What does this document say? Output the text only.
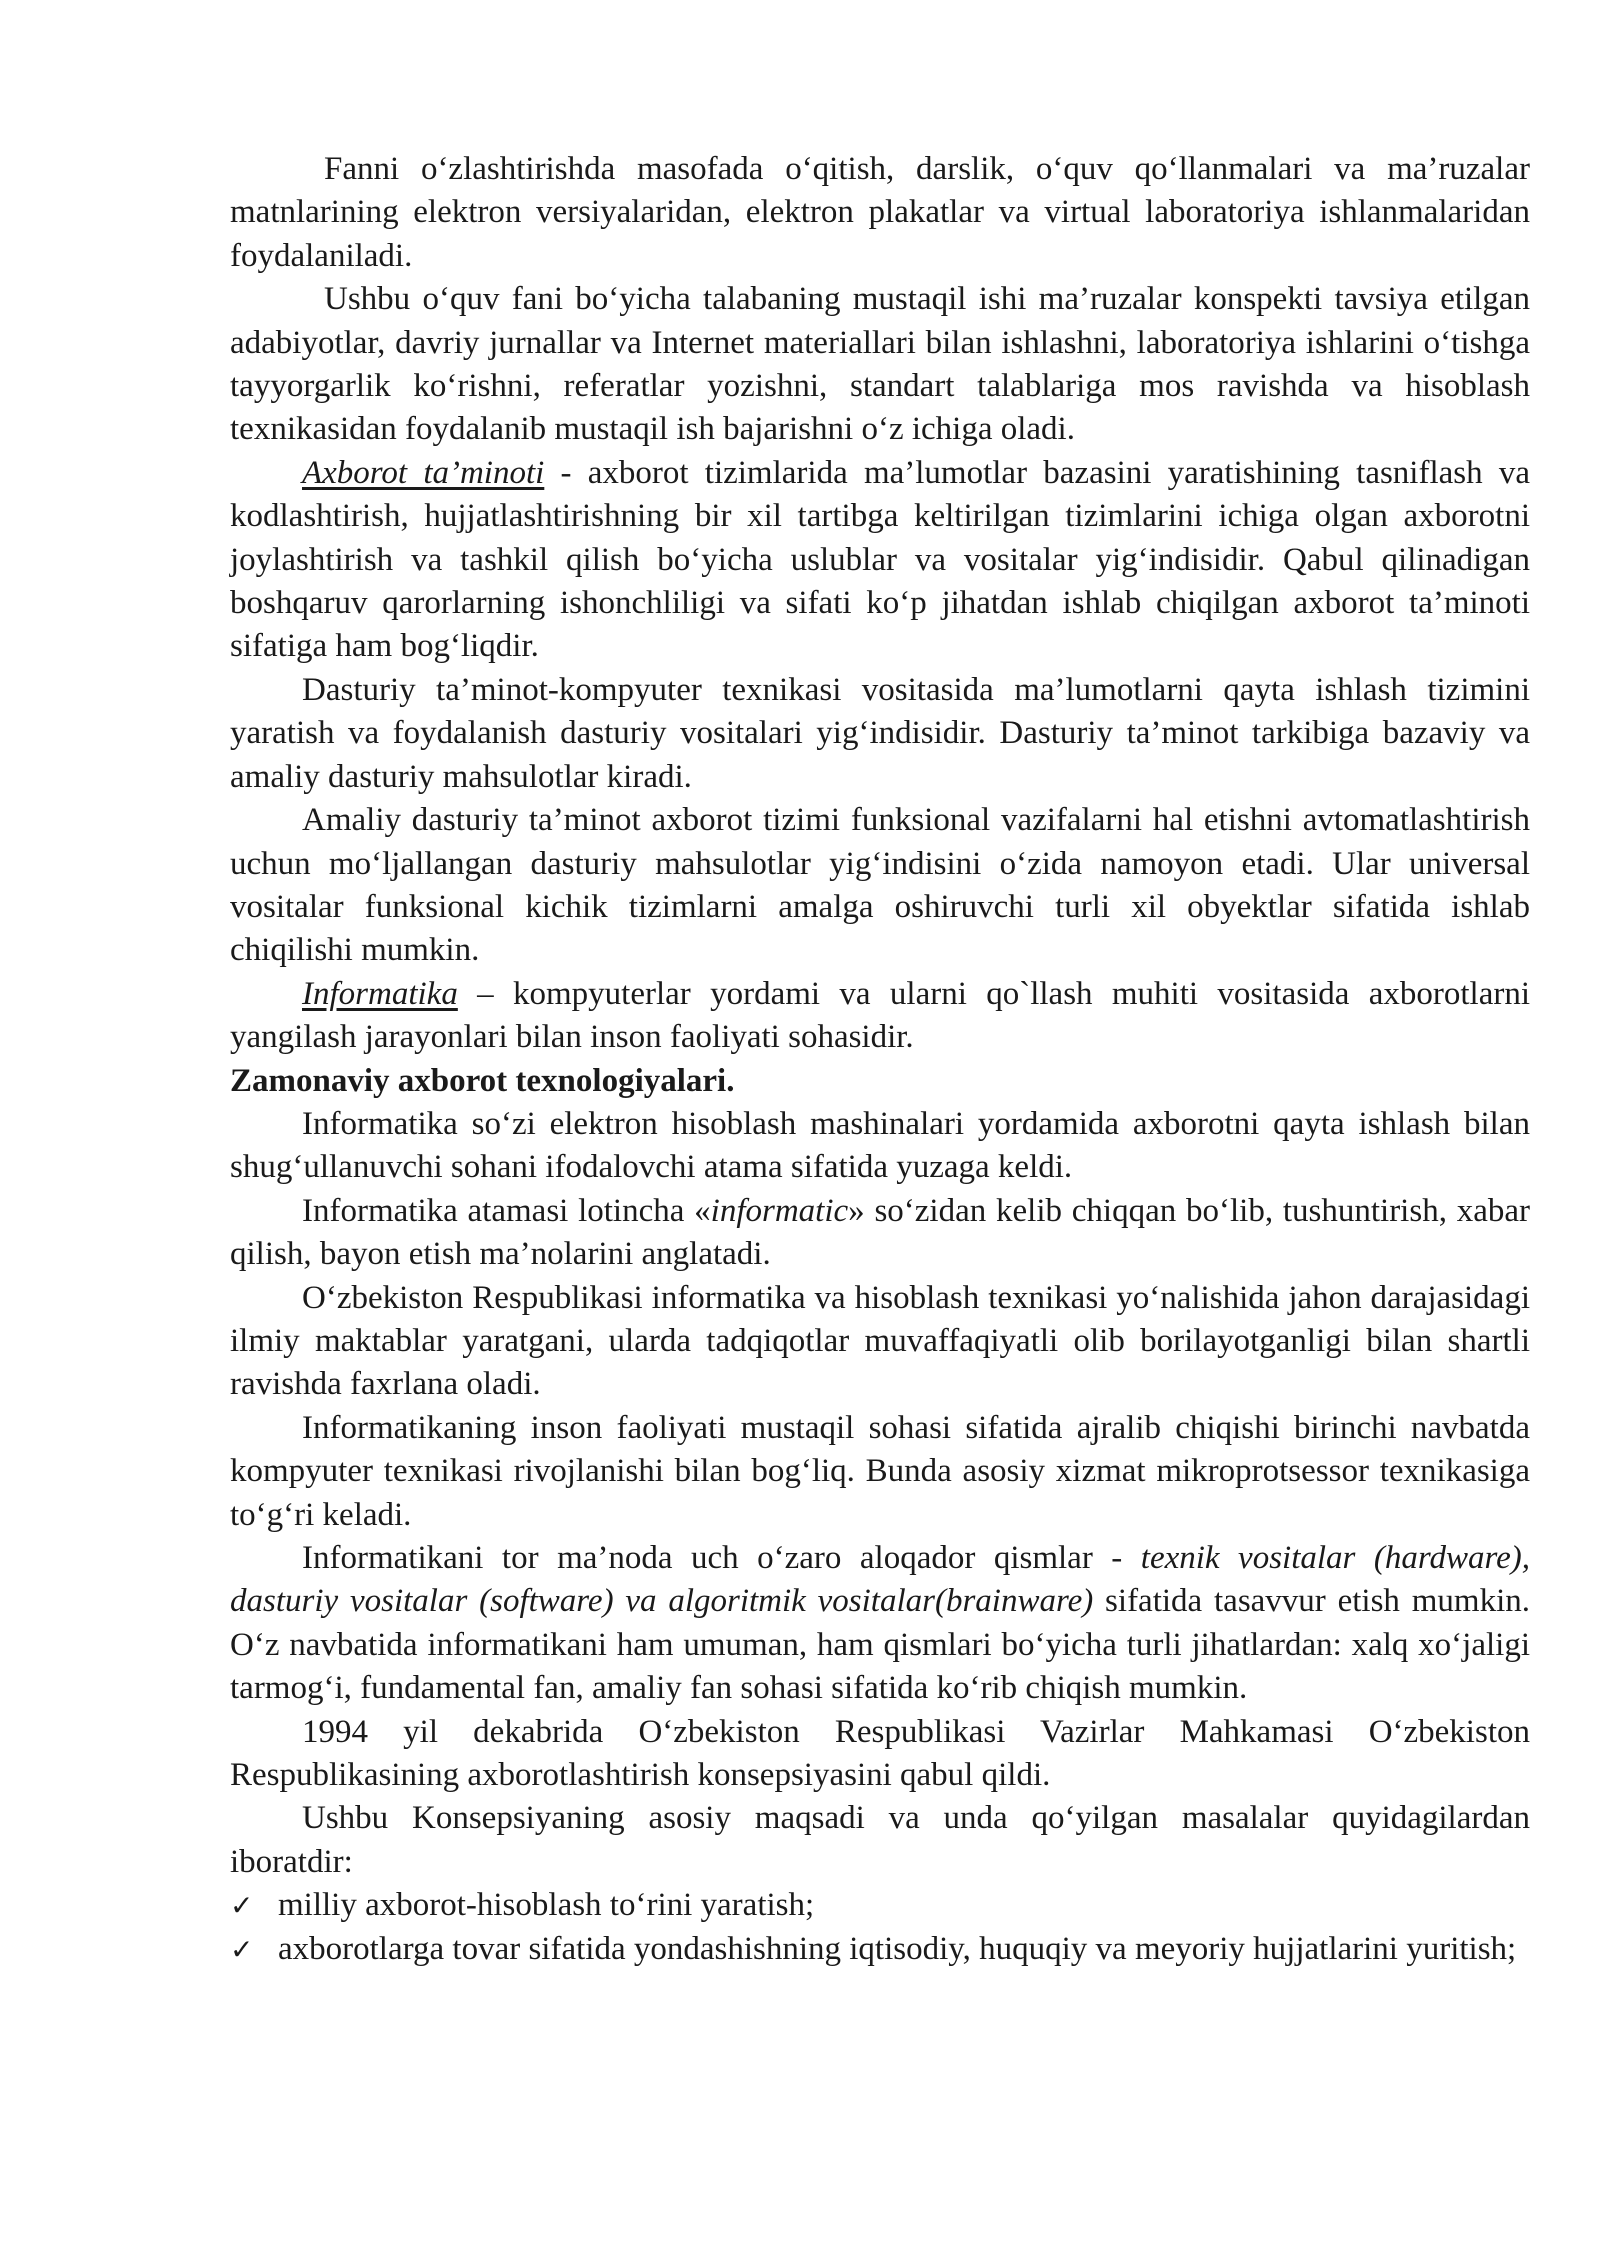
Fanni o‘zlashtirishda masofada o‘qitish, darslik, o‘quv qo‘llanmalari va ma’ruzalar matnlarining elektron versiyalaridan, elektron plakatlar va virtual laboratoriya ishlanmalaridan foydalaniladi.

Ushbu o‘quv fani bo‘yicha talabaning mustaqil ishi ma’ruzalar konspekti tavsiya etilgan adabiyotlar, davriy jurnallar va Internet materiallari bilan ishlashni, laboratoriya ishlarini o‘tishga tayyorgarlik ko‘rishni, referatlar yozishni, standart talablariga mos ravishda va hisoblash texnikasidan foydalanib mustaqil ish bajarishni o‘z ichiga oladi.

Axborot ta’minoti - axborot tizimlarida ma’lumotlar bazasini yaratishining tasniflash va kodlashtirish, hujjatlashtirishning bir xil tartibga keltirilgan tizimlarini ichiga olgan axborotni joylashtirish va tashkil qilish bo‘yicha uslublar va vositalar yig‘indisidir. Qabul qilinadigan boshqaruv qarorlarning ishonchliligi va sifati ko‘p jihatdan ishlab chiqilgan axborot ta’minoti sifatiga ham bog‘liqdir.

Dasturiy ta’minot-kompyuter texnikasi vositasida ma’lumotlarni qayta ishlash tizimini yaratish va foydalanish dasturiy vositalari yig‘indisidir. Dasturiy ta’minot tarkibiga bazaviy va amaliy dasturiy mahsulotlar kiradi.

Amaliy dasturiy ta’minot axborot tizimi funksional vazifalarni hal etishni avtomatlashtirish uchun mo‘ljallangan dasturiy mahsulotlar yig‘indisini o‘zida namoyon etadi. Ular universal vositalar funksional kichik tizimlarni amalga oshiruvchi turli xil obyektlar sifatida ishlab chiqilishi mumkin.

Informatika – kompyuterlar yordami va ularni qo`llash muhiti vositasida axborotlarni yangilash jarayonlari bilan inson faoliyati sohasidir.

Zamonaviy axborot texnologiyalari.

Informatika so‘zi elektron hisoblash mashinalari yordamida axborotni qayta ishlash bilan shug‘ullanuvchi sohani ifodalovchi atama sifatida yuzaga keldi.

Informatika atamasi lotincha «informatic» so‘zidan kelib chiqqan bo‘lib, tushuntirish, xabar qilish, bayon etish ma’nolarini anglatadi.

O‘zbekiston Respublikasi informatika va hisoblash texnikasi yo‘nalishida jahon darajasidagi ilmiy maktablar yaratgani, ularda tadqiqotlar muvaffaqiyatli olib borilayotganligi bilan shartli ravishda faxrlana oladi.

Informatikaning inson faoliyati mustaqil sohasi sifatida ajralib chiqishi birinchi navbatda kompyuter texnikasi rivojlanishi bilan bog‘liq. Bunda asosiy xizmat mikroprotsessor texnikasiga to‘g‘ri keladi.

Informatikani tor ma’noda uch o‘zaro aloqador qismlar - texnik vositalar (hardware), dasturiy vositalar (software) va algoritmik vositalar(brainware) sifatida tasavvur etish mumkin. O‘z navbatida informatikani ham umuman, ham qismlari bo‘yicha turli jihatlardan: xalq xo‘jaligi tarmog‘i, fundamental fan, amaliy fan sohasi sifatida ko‘rib chiqish mumkin.

1994 yil dekabrida O‘zbekiston Respublikasi Vazirlar Mahkamasi O‘zbekiston Respublikasining axborotlashtirish konsepsiyasini qabul qildi.

Ushbu Konsepsiyaning asosiy maqsadi va unda qo‘yilgan masalalar quyidagilardan iboratdir:

✓ milliy axborot-hisoblash to‘rini yaratish;
✓ axborotlarga tovar sifatida yondashishning iqtisodiy, huquqiy va meyoriy hujjatlarini yuritish;
